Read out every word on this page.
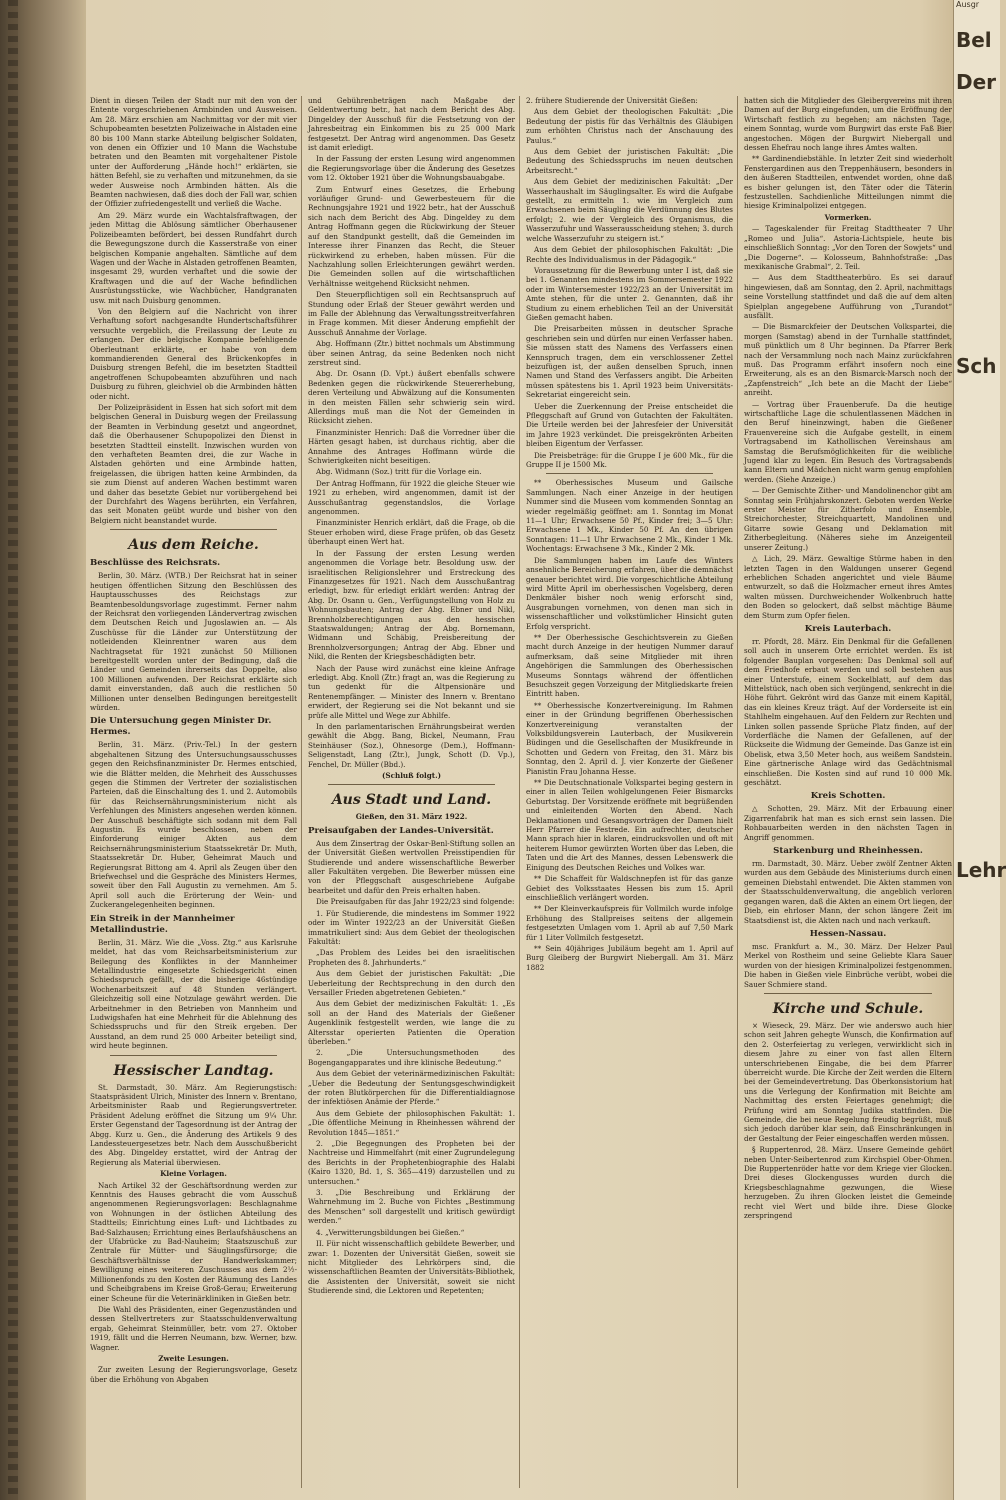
Dient in diesen Teilen der Stadt nur mit den von der Entente vorgeschriebenen Armbinden und Ausweisen. Am 28. März erschien am Nachmittag vor der mit vier Schupobeamten besetzten Polizeiwache in Alstaden eine 80 bis 100 Mann starke Abteilung belgischer Soldaten, von denen ein Offizier und 10 Mann die Wachstube betraten und den Beamten mit vorgehaltener Pistole unter der Aufforderung „Hände hoch!“ erklärten, sie hätten Befehl, sie zu verhaften und mitzunehmen, da sie weder Ausweise noch Armbinden hätten. Als die Beamten nachwiesen, daß dies doch der Fall war, schien der Offizier zufriedengestellt und verließ die Wache.

Am 29. März wurde ein Wachtalsfraftwagen, der jeden Mittag die Ablösung sämtlicher Oberhausener Polizeibeamten befördert, bei dessen Rundfahrt durch die Bewegungszone durch die Kasserstraße von einer belgischen Kompanie angehalten. Sämtliche auf dem Wagen und der Wache in Alstaden getroffenen Beamten, insgesamt 29, wurden verhaftet und die sowie der Kraftwagen und die auf der Wache befindlichen Ausrüstungsstücke, wie Wachbücher, Handgranaten usw. mit nach Duisburg genommen.

Von den Belgiern auf die Nachricht von ihrer Verhaftung sofort nachgesandte Hundertschaftsführer versuchte vergeblich, die Freilassung der Leute zu erlangen. Der die belgische Kompanie befehligende Oberleutnant erklärte, er habe von dem kommandierenden General des Brückenkopfes in Duisburg strengen Befehl, die im besetzten Stadtteil angetroffenen Schupobeamten abzuführen und nach Duisburg zu führen, gleichviel ob die Armbinden hätten oder nicht.

Der Polizeipräsident in Essen hat sich sofort mit dem belgischen General in Duisburg wegen der Freilassung der Beamten in Verbindung gesetzt und angeordnet, daß die Oberhausener Schupopolizei den Dienst in besetzten Stadtteil einstellt. Inzwischen wurden von den verhafteten Beamten drei, die zur Wache in Alstaden gehörten und eine Armbinde hatten, freigelassen, die übrigen hatten keine Armbinden, da sie zum Dienst auf anderen Wachen bestimmt waren und daher das besetzte Gebiet nur vorübergehend bei der Durchfahrt des Wagens berührten, ein Verfahren, das seit Monaten geübt wurde und bisher von den Belgiern nicht beanstandet wurde.

Aus dem Reiche.
Beschlüsse des Reichsrats.

Berlin, 30. März. (WTB.) Der Reichsrat hat in seiner heutigen öffentlichen Sitzung den Beschlüssen des Hauptausschusses des Reichstags zur Beamtenbesoldungsvorlage zugestimmt. Ferner nahm der Reichsrat den vorliegenden Ländervertrag zwischen dem Deutschen Reich und Jugoslawien an. — Als Zuschüsse für die Länder zur Unterstützung der notleidenden Kleinrentner waren aus dem Nachtragsetat für 1921 zunächst 50 Millionen bereitgestellt worden unter der Bedingung, daß die Länder und Gemeinden ihrerseits das Doppelte, also 100 Millionen aufwenden. Der Reichsrat erklärte sich damit einverstanden, daß auch die restlichen 50 Millionen unter denselben Bedingungen bereitgestellt würden.

Die Untersuchung gegen Minister Dr. Hermes.

Berlin, 31. März. (Priv.-Tel.) In der gestern abgehaltenen Sitzung des Untersuchungsausschusses gegen den Reichsfinanzminister Dr. Hermes entschied, wie die Blätter melden, die Mehrheit des Ausschusses gegen die Stimmen der Vertreter der sozialistischen Parteien, daß die Einschaltung des 1. und 2. Automobils für das Reichsernährungsministerium nicht als Verfehlungen des Ministers angesehen werden können. Der Ausschuß beschäftigte sich sodann mit dem Fall Augustin. Es wurde beschlossen, neben der Einforderung einiger Akten aus dem Reichsernährungsministerium Staatssekretär Dr. Muth, Staatssekretär Dr. Huber, Geheimrat Mauch und Regierungsrat Bittong am 4. April als Zeugen über den Briefwechsel und die Gespräche des Ministers Hermes, soweit über den Fall Augustin zu vernehmen. Am 5. April soll auch die Erörterung der Wein- und Zuckerangelegenheiten beginnen.

Ein Streik in der Mannheimer Metallindustrie.

Berlin, 31. März. Wie die „Voss. Ztg.“ aus Karlsruhe meldet, hat das vom Reichsarbeitsministerium zur Beilegung des Konfliktes in der Mannheimer Metallindustrie eingesetzte Schiedsgericht einen Schiedsspruch gefällt, der die bisherige 46stündige Wochenarbeitszeit auf 48 Stunden verlängert. Gleichzeitig soll eine Notzulage gewährt werden. Die Arbeitnehmer in den Betrieben von Mannheim und Ludwigshafen hat eine Mehrheit für die Ablehnung des Schiedsspruchs und für den Streik ergeben. Der Ausstand, an dem rund 25 000 Arbeiter beteiligt sind, wird heute beginnen.

Hessischer Landtag.

St. Darmstadt, 30. März. Am Regierungstisch: Staatspräsident Ulrich, Minister des Innern v. Brentano, Arbeitsminister Raab und Regierungsvertreter. Präsident Adelung eröffnet die Sitzung um 9¼ Uhr. Erster Gegenstand der Tagesordnung ist der Antrag der Abgg. Kurz u. Gen., die Änderung des Artikels 9 des Landessteuergesetzes betr. Nach dem Ausschußbericht des Abg. Dingeldey erstattet, wird der Antrag der Regierung als Material überwiesen.

Kleine Vorlagen.

Nach Artikel 32 der Geschäftsordnung werden zur Kenntnis des Hauses gebracht die vom Ausschuß angenommenen Regierungsvorlagen: Beschlagnahme von Wohnungen in der östlichen Abteilung des Stadtteils; Einrichtung eines Luft- und Lichtbades zu Bad-Salzhausen; Errichtung eines Berlaufshäuschens an der Ufabrücke zu Bad-Nauheim; Staatszuschuß zur Zentrale für Mütter- und Säuglingsfürsorge; die Geschäftsverhältnisse der Handwerkskammer; Bewilligung eines weiteren Zuschusses aus dem 2½-Millionenfonds zu den Kosten der Räumung des Landes und Scheibgrabens im Kreise Groß-Gerau; Erweiterung einer Scheune für die Veterinärkliniken in Gießen betr.

Die Wahl des Präsidenten, einer Gegenzuständen und dessen Stellvertreters zur Staatsschuldenverwaltung ergab, Geheimrat Steinmüller, betr. vom 27. Oktober 1919, fällt und die Herren Neumann, bzw. Werner, bzw. Wagner.

Zweite Lesungen.

Zur zweiten Lesung der Regierungsvorlage, Gesetz über die Erhöhung von Abgaben

und Gebührenbeträgen nach Maßgabe der Geldentwertung betr., hat nach dem Bericht des Abg. Dingeldey der Ausschuß für die Festsetzung von der Jahresbeitrag ein Einkommen bis zu 25 000 Mark festgesetzt. Der Antrag wird angenommen. Das Gesetz ist damit erledigt.

In der Fassung der ersten Lesung wird angenommen die Regierungsvorlage über die Änderung des Gesetzes vom 12. Oktober 1921 über die Wohnungsbauabgabe.

Zum Entwurf eines Gesetzes, die Erhebung vorläufiger Grund- und Gewerbesteuern für die Rechnungsjahre 1921 und 1922 betr., hat der Ausschuß sich nach dem Bericht des Abg. Dingeldey zu dem Antrag Hoffmann gegen die Rückwirkung der Steuer auf den Standpunkt gestellt, daß die Gemeinden im Interesse ihrer Finanzen das Recht, die Steuer rückwirkend zu erheben, haben müssen. Für die Nachzahlung sollen Erleichterungen gewährt werden. Die Gemeinden sollen auf die wirtschaftlichen Verhältnisse weitgehend Rücksicht nehmen.

Den Steuerpflichtigen soll ein Rechtsanspruch auf Stundung oder Erlaß der Steuer gewährt werden und im Falle der Ablehnung das Verwaltungsstreitverfahren in Frage kommen. Mit dieser Änderung empfiehlt der Ausschuß Annahme der Vorlage.

Abg. Hoffmann (Ztr.) bittet nochmals um Abstimmung über seinen Antrag, da seine Bedenken noch nicht zerstreut sind.

Abg. Dr. Osann (D. Vpt.) äußert ebenfalls schwere Bedenken gegen die rückwirkende Steuererhebung, deren Verteilung und Abwälzung auf die Konsumenten in den meisten Fällen sehr schwierig sein wird. Allerdings muß man die Not der Gemeinden in Rücksicht ziehen.

Finanzminister Henrich: Daß die Vorredner über die Härten gesagt haben, ist durchaus richtig, aber die Annahme des Antrages Hoffmann würde die Schwierigkeiten nicht beseitigen.

Abg. Widmann (Soz.) tritt für die Vorlage ein.

Der Antrag Hoffmann, für 1922 die gleiche Steuer wie 1921 zu erheben, wird angenommen, damit ist der Ausschußantrag gegenstandslos, die Vorlage angenommen.

Finanzminister Henrich erklärt, daß die Frage, ob die Steuer erhoben wird, diese Frage prüfen, ob das Gesetz überhaupt einen Wert hat.

In der Fassung der ersten Lesung werden angenommen die Vorlage betr. Besoldung usw. der israelitischen Religionslehrer und Erstreckung des Finanzgesetzes für 1921. Nach dem Ausschußantrag erledigt, bzw. für erledigt erklärt werden: Antrag der Abg. Dr. Osann u. Gen., Verfügungstellung von Holz zu Wohnungsbauten; Antrag der Abg. Ebner und Nikl, Brennholzberechtigungen aus den hessischen Staatswaldungen; Antrag der Abg. Bornemann, Widmann und Schäbig, Preisbereitung der Brennholzversorgungen; Antrag der Abg. Ebner und Nikl, die Renten der Kriegsbeschädigten betr.

Nach der Pause wird zunächst eine kleine Anfrage erledigt. Abg. Knoll (Ztr.) fragt an, was die Regierung zu tun gedenkt für die Altpensionäre und Rentenempfänger. — Minister des Innern v. Brentano erwidert, der Regierung sei die Not bekannt und sie prüfe alle Mittel und Wege zur Abhilfe.

In den parlamentarischen Ernährungsbeirat werden gewählt die Abgg. Bang, Bickel, Neumann, Frau Steinhäuser (Soz.), Ohnesorge (Dem.), Hoffmann-Seligenstadt, Lang (Ztr.), Jungk, Schott (D. Vp.), Fenchel, Dr. Müller (Bbd.).

(Schluß folgt.)

Aus Stadt und Land.

Gießen, den 31. März 1922.

Preisaufgaben der Landes-Universität.

Aus dem Zinsertrag der Oskar-Benl-Stiftung sollen an der Universität Gießen wertvollen Preisstipendien für Studierende und andere wissenschaftliche Bewerber aller Fakultäten vergeben. Die Bewerber müssen eine von der Pfleggschaft ausgeschriebene Aufgabe bearbeitet und dafür den Preis erhalten haben.

Die Preisaufgaben für das Jahr 1922/23 sind folgende:

1. Für Studierende, die mindestens im Sommer 1922 oder im Winter 1922/23 an der Universität Gießen immatrikuliert sind: Aus dem Gebiet der theologischen Fakultät:

„Das Problem des Leides bei den israelitischen Propheten des 8. Jahrhunderts.“

Aus dem Gebiet der juristischen Fakultät: „Die Ueberleitung der Rechtsprechung in den durch den Versailler Frieden abgetretenen Gebieten.“

Aus dem Gebiet der medizinischen Fakultät: 1. „Es soll an der Hand des Materials der Gießener Augenklinik festgestellt werden, wie lange die zu Altersstar operierten Patienten die Operation überleben.“

2. „Die Untersuchungsmethoden des Bogengangapparates und ihre klinische Bedeutung.“

Aus dem Gebiet der veterinärmedizinischen Fakultät: „Ueber die Bedeutung der Sentungsgeschwindigkeit der roten Blutkörperchen für die Differentialdiagnose der infektiösen Anämie der Pferde.“

Aus dem Gebiete der philosophischen Fakultät: 1. „Die öffentliche Meinung in Rheinhessen während der Revolution 1845—1851.“

2. „Die Begegnungen des Propheten bei der Nachtreise und Himmelfahrt (mit einer Zugrundelegung des Berichts in der Prophetenbiographie des Halabi (Kairo 1320, Bd. 1, S. 365—419) darzustellen und zu untersuchen.“

3. „Die Beschreibung und Erklärung der Wahrnehmung im 2. Buche von Fichtes „Bestimmung des Menschen“ soll dargestellt und kritisch gewürdigt werden.“

4. „Verwitterungsbildungen bei Gießen.“

II. Für nicht wissenschaftlich gebildete Bewerber, und zwar: 1. Dozenten der Universität Gießen, soweit sie nicht Mitglieder des Lehrkörpers sind, die wissenschaftlichen Beamten der Universitäts-Bibliothek, die Assistenten der Universität, soweit sie nicht Studierende sind, die Lektoren und Repetenten;

2. frühere Studierende der Universität Gießen:

Aus dem Gebiet der theologischen Fakultät: „Die Bedeutung der pistis für das Verhältnis des Gläubigen zum erhöhten Christus nach der Anschauung des Paulus.“

Aus dem Gebiet der juristischen Fakultät: „Die Bedeutung des Schiedsspruchs im neuen deutschen Arbeitsrecht.“

Aus dem Gebiet der medizinischen Fakultät: „Der Wasserhaushalt im Säuglingsalter. Es wird die Aufgabe gestellt, zu ermitteln 1. wie im Vergleich zum Erwachsenen beim Säugling die Verdünnung des Blutes erfolgt; 2. wie der Vergleich des Organismus, die Wasserzufuhr und Wasserausscheidung stehen; 3. durch welche Wasserzufuhr zu steigern ist.“

Aus dem Gebiet der philosophischen Fakultät: „Die Rechte des Individualismus in der Pädagogik.“

Voraussetzung für die Bewerbung unter I ist, daß sie bei 1. Genannten mindestens im Sommersemester 1922 oder im Wintersemester 1922/23 an der Universität im Amte stehen, für die unter 2. Genannten, daß ihr Studium zu einem erheblichen Teil an der Universität Gießen gemacht haben.

Die Preisarbeiten müssen in deutscher Sprache geschrieben sein und dürfen nur einen Verfasser haben. Sie müssen statt des Namens des Verfassers einen Kennspruch tragen, dem ein verschlossener Zettel beizufügen ist, der außen denselben Spruch, innen Namen und Stand des Verfassers angibt. Die Arbeiten müssen spätestens bis 1. April 1923 beim Universitäts-Sekretariat eingereicht sein.

Ueber die Zuerkennung der Preise entscheidet die Pfleggschaft auf Grund von Gutachten der Fakultäten. Die Urteile werden bei der Jahresfeier der Universität im Jahre 1923 verkündet. Die preisgekrönten Arbeiten bleiben Eigentum der Verfasser.

Die Preisbeträge: für die Gruppe I je 600 Mk., für die Gruppe II je 1500 Mk.

** Oberhessisches Museum und Gailsche Sammlungen. Nach einer Anzeige in der heutigen Nummer sind die Museen vom kommenden Sonntag an wieder regelmäßig geöffnet: am 1. Sonntag im Monat 11—1 Uhr; Erwachsene 50 Pf., Kinder frei; 3—5 Uhr: Erwachsene 1 Mk., Kinder 50 Pf. An den übrigen Sonntagen: 11—1 Uhr Erwachsene 2 Mk., Kinder 1 Mk. Wochentags: Erwachsene 3 Mk., Kinder 2 Mk.

Die Sammlungen haben im Laufe des Winters ansehnliche Bereicherung erfahren, über die demnächst genauer berichtet wird. Die vorgeschichtliche Abteilung wird Mitte April im oberhessischen Vogelsberg, deren Denkmäler bisher noch wenig erforscht sind, Ausgrabungen vornehmen, von denen man sich in wissenschaftlicher und volkstümlicher Hinsicht guten Erfolg verspricht.

** Der Oberhessische Geschichtsverein zu Gießen macht durch Anzeige in der heutigen Nummer darauf aufmerksam, daß seine Mitglieder mit ihren Angehörigen die Sammlungen des Oberhessischen Museums Sonntags während der öffentlichen Besuchszeit gegen Vorzeigung der Mitgliedskarte freien Eintritt haben.

** Oberhessische Konzertvereinigung. Im Rahmen einer in der Gründung begriffenen Oberhessischen Konzertvereinigung veranstalten der Volksbildungsverein Lauterbach, der Musikverein Büdingen und die Gesellschaften der Musikfreunde in Schotten und Gedern von Freitag, den 31. März bis Sonntag, den 2. April d. J. vier Konzerte der Gießener Pianistin Frau Johanna Hesse.

** Die Deutschnationale Volkspartei beging gestern in einer in allen Teilen wohlgelungenen Feier Bismarcks Geburtstag. Der Vorsitzende eröffnete mit begrüßenden und einleitenden Worten den Abend. Nach Deklamationen und Gesangsvorträgen der Damen hielt Herr Pfarrer die Festrede. Ein aufrechter, deutscher Mann sprach hier in klaren, eindrucksvollen und oft mit heiterem Humor gewürzten Worten über das Leben, die Taten und die Art des Mannes, dessen Lebenswerk die Einigung des Deutschen Reiches und Volkes war.

** Die Schaffeit für Waldschnepfen ist für das ganze Gebiet des Volksstaates Hessen bis zum 15. April einschließlich verlängert worden.

** Der Kleinverkaufspreis für Vollmilch wurde infolge Erhöhung des Stallpreises seitens der allgemein festgesetzten Umlagen vom 1. April ab auf 7,50 Mark für 1 Liter Vollmilch festgesetzt.

** Sein 40jähriges Jubiläum begeht am 1. April auf Burg Gleiberg der Burgwirt Niebergall. Am 31. März 1882

hatten sich die Mitglieder des Gleibergvereins mit ihren Damen auf der Burg eingefunden, um die Eröffnung der Wirtschaft festlich zu begehen; am nächsten Tage, einem Sonntag, wurde vom Burgwirt das erste Faß Bier angestochen. Mögen der Burgwirt Niebergall und dessen Ehefrau noch lange ihres Amtes walten.

** Gardinendiebstähle. In letzter Zeit sind wiederholt Fenstergardinen aus den Treppenhäusern, besonders in den äußeren Stadtteilen, entwendet worden, ohne daß es bisher gelungen ist, den Täter oder die Täterin festzustellen. Sachdienliche Mitteilungen nimmt die hiesige Kriminalpolizei entgegen.

Vormerken.

— Tageskalender für Freitag Stadttheater 7 Uhr „Romeo und Julia“. Astoria-Lichtspiele, heute bis einschließlich Sonntag: „Vor den Toren der Sowjets“ und „Die Dogerne“. — Kolosseum, Bahnhofstraße: „Das mexikanische Grabmal“, 2. Teil.

— Aus dem Stadttheaterbüro. Es sei darauf hingewiesen, daß am Sonntag, den 2. April, nachmittags seine Vorstellung stattfindet und daß die auf dem alten Spielplan angegebene Aufführung von „Turandot“ ausfällt.

— Die Bismarckfeier der Deutschen Volkspartei, die morgen (Samstag) abend in der Turnhalle stattfindet, muß pünktlich um 8 Uhr beginnen. Da Pfarrer Berk nach der Versammlung noch nach Mainz zurückfahren muß. Das Programm erfährt insofern noch eine Erweiterung, als es an den Bismarck-Marsch noch der „Zapfenstreich“ „Ich bete an die Macht der Liebe“ anreiht.

— Vortrag über Frauenberufe. Da die heutige wirtschaftliche Lage die schulentlassenen Mädchen in den Beruf hineinzwingt, haben die Gießener Frauenvereine sich die Aufgabe gestellt, in einem Vortragsabend im Kathollischen Vereinshaus am Samstag die Berufsmöglichkeiten für die weibliche Jugend klar zu legen. Ein Besuch des Vortragsabends kann Eltern und Mädchen nicht warm genug empfohlen werden. (Siehe Anzeige.)

— Der Gemischte Zither- und Mandolinenchor gibt am Sonntag sein Frühjahrskonzert. Geboten werden Werke erster Meister für Zitherfolo und Ensemble, Streichorchester, Streichquartett, Mandolinen und Gitarre sowie Gesang und Deklamation mit Zitherbegleitung. (Näheres siehe im Anzeigenteil unserer Zeitung.)

△ Lich, 29. März. Gewaltige Stürme haben in den letzten Tagen in den Waldungen unserer Gegend erheblichen Schaden angerichtet und viele Bäume entwurzelt, so daß die Holzmacher erneut ihres Amtes walten müssen. Durchweichender Wolkenbruch hatte den Boden so gelockert, daß selbst mächtige Bäume dem Sturm zum Opfer fielen.

Kreis Lauterbach.

rr. Pfordt, 28. März. Ein Denkmal für die Gefallenen soll auch in unserem Orte errichtet werden. Es ist folgender Bauplan vorgesehen: Das Denkmal soll auf dem Friedhofe erbaut werden und soll bestehen aus einer Unterstufe, einem Sockelblatt, auf dem das Mittelstück, nach oben sich verjüngend, senkrecht in die Höhe führt. Gekrönt wird das Ganze mit einem Kapitäl, das ein kleines Kreuz trägt. Auf der Vorderseite ist ein Stahlhelm eingehauen. Auf den Feldern zur Rechten und Linken sollen passende Sprüche Platz finden, auf der Vorderfläche die Namen der Gefallenen, auf der Rückseite die Widmung der Gemeinde. Das Ganze ist ein Obelisk, etwa 3,50 Meter hoch, aus weißem Sandstein. Eine gärtnerische Anlage wird das Gedächtnismal einschließen. Die Kosten sind auf rund 10 000 Mk. geschätzt.

Kreis Schotten.

△ Schotten, 29. März. Mit der Erbauung einer Zigarrenfabrik hat man es sich ernst sein lassen. Die Rohbauarbeiten werden in den nächsten Tagen in Angriff genommen.

Starkenburg und Rheinhessen.

rm. Darmstadt, 30. März. Ueber zwölf Zentner Akten wurden aus dem Gebäude des Ministeriums durch einen gemeinen Diebstahl entwendet. Die Akten stammen von der Staatsschuldenverwaltung, die angeblich verloren gegangen waren, daß die Akten an einem Ort liegen, der Dieb, ein ehrloser Mann, der schon längere Zeit im Staatsdienst ist, die Akten nach und nach verkauft.

Hessen-Nassau.

msc. Frankfurt a. M., 30. März. Der Helzer Paul Merkel von Rostheim und seine Geliebte Klara Sauer wurden von der hiesigen Kriminalpolizei festgenommen. Die haben in Gießen viele Einbrüche verübt, wobei die Sauer Schmiere stand.

Kirche und Schule.

× Wieseck, 29. März. Der wie anderswo auch hier schon seit Jahren gehegte Wunsch, die Konfirmation auf den 2. Osterfeiertag zu verlegen, verwirklicht sich in diesem Jahre zu einer von fast allen Eltern unterschriebenen Eingabe, die bei dem Pfarrer überreicht wurde. Die Kirche der Zeit werden die Eltern bei der Gemeindevertretung. Das Oberkonsistorium hat uns die Verlegung der Konfirmation mit Beichte am Nachmittag des ersten Feiertages genehmigt; die Prüfung wird am Sonntag Judika stattfinden. Die Gemeinde, die bei neue Regelung freudig begrüßt, muß sich jedoch darüber klar sein, daß Einschränkungen in der Gestaltung der Feier eingeschaffen werden müssen.

§ Ruppertenrod, 28. März. Unsere Gemeinde gehört neben Unter-Seibertenrod zum Kirchspiel Ober-Ohmen. Die Ruppertenröder hatte vor dem Kriege vier Glocken. Drei dieses Glockengusses wurden durch die Kriegsbeschlagnahme gezwungen, die Wiese herzugeben. Zu ihren Glocken leistet die Gemeinde recht viel Wert und bilde ihre. Diese Glocke zerspringend

Ausgr
Bel
Der
Sch
Lehr
